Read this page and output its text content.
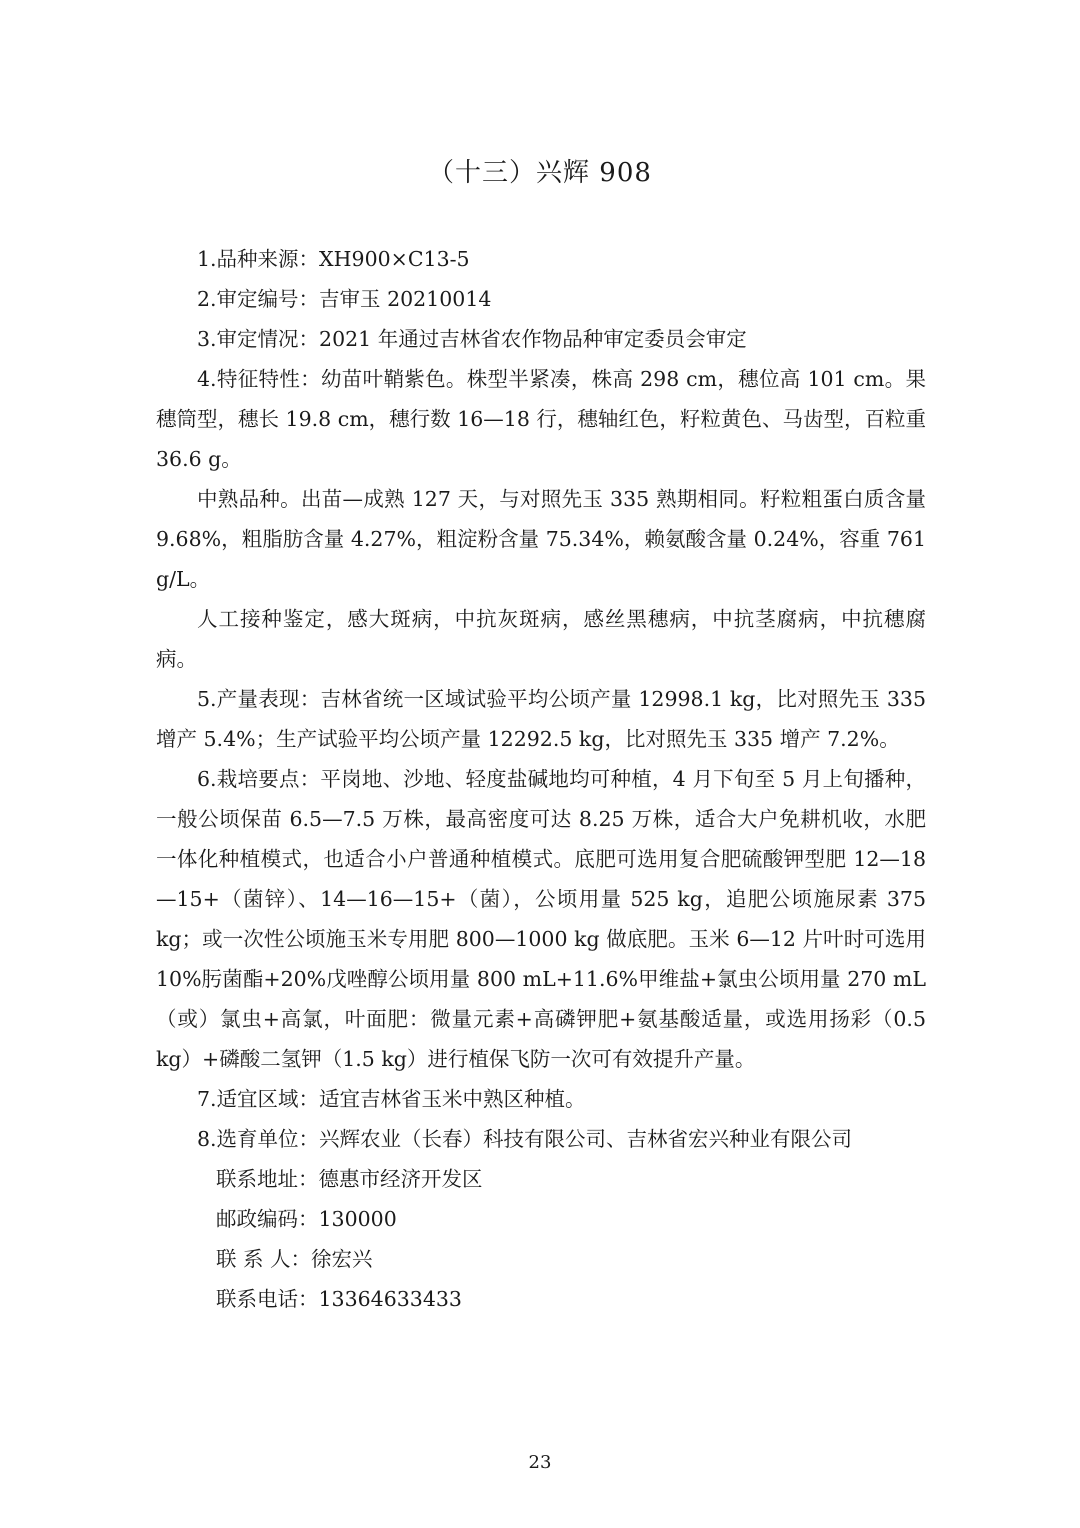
（十三）兴辉 908

1.品种来源：XH900×C13-5

2.审定编号：吉审玉 20210014

3.审定情况：2021 年通过吉林省农作物品种审定委员会审定

4.特征特性：幼苗叶鞘紫色。株型半紧凑，株高 298 cm，穗位高 101 cm。果穗筒型，穗长 19.8 cm，穗行数 16—18 行，穗轴红色，籽粒黄色、马齿型，百粒重 36.6 g。

中熟品种。出苗—成熟 127 天，与对照先玉 335 熟期相同。籽粒粗蛋白质含量 9.68%，粗脂肪含量 4.27%，粗淀粉含量 75.34%，赖氨酸含量 0.24%，容重 761 g/L。

人工接种鉴定，感大斑病，中抗灰斑病，感丝黑穗病，中抗茎腐病，中抗穗腐病。

5.产量表现：吉林省统一区域试验平均公顷产量 12998.1 kg，比对照先玉 335 增产 5.4%；生产试验平均公顷产量 12292.5 kg，比对照先玉 335 增产 7.2%。

6.栽培要点：平岗地、沙地、轻度盐碱地均可种植，4 月下旬至 5 月上旬播种，一般公顷保苗 6.5—7.5 万株，最高密度可达 8.25 万株，适合大户免耕机收，水肥一体化种植模式，也适合小户普通种植模式。底肥可选用复合肥硫酸钾型肥 12—18—15+（菌锌）、14—16—15+（菌），公顷用量 525 kg，追肥公顷施尿素 375 kg；或一次性公顷施玉米专用肥 800—1000 kg 做底肥。玉米 6—12 片叶时可选用 10%肟菌酯+20%戊唑醇公顷用量 800 mL+11.6%甲维盐+氯虫公顷用量 270 mL（或）氯虫+高氯，叶面肥：微量元素+高磷钾肥+氨基酸适量，或选用扬彩（0.5 kg）+磷酸二氢钾（1.5 kg）进行植保飞防一次可有效提升产量。

7.适宜区域：适宜吉林省玉米中熟区种植。

8.选育单位：兴辉农业（长春）科技有限公司、吉林省宏兴种业有限公司

联系地址：德惠市经济开发区
邮政编码：130000
联 系 人：徐宏兴
联系电话：13364633433
23
